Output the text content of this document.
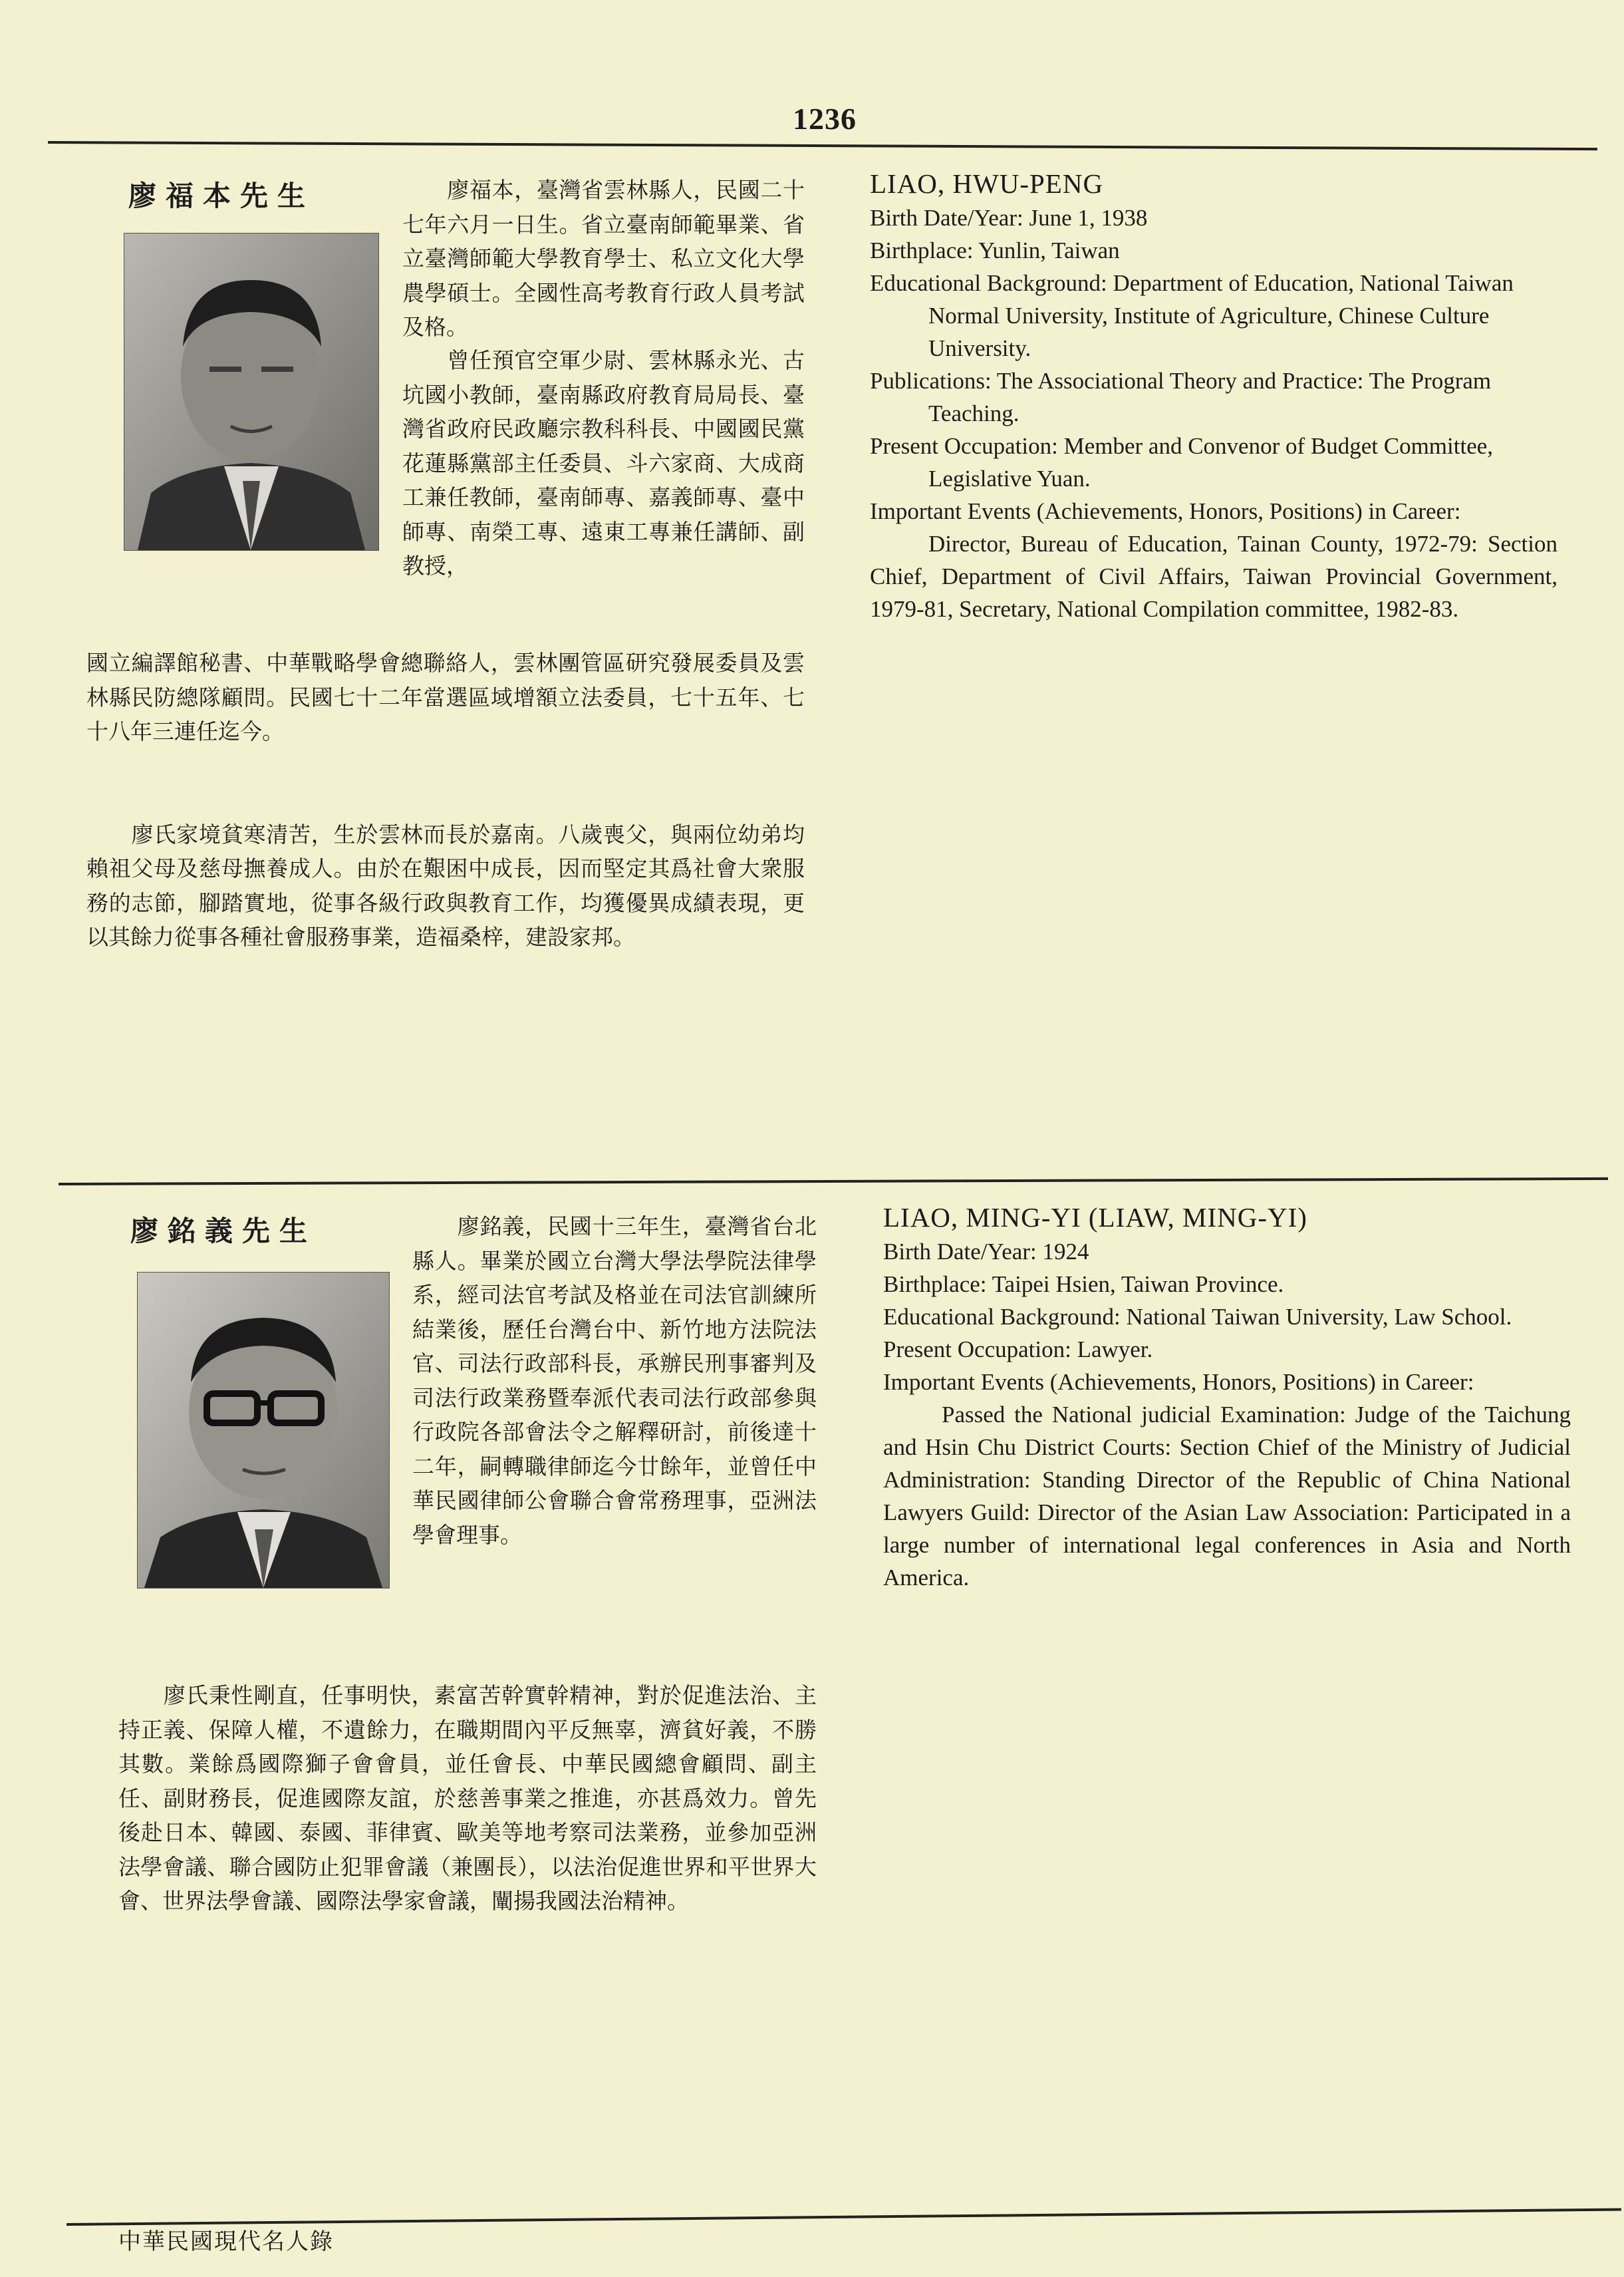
1236
廖福本先生	　　廖福本，臺灣省雲林縣人，民國二十七年六月一日生。省立臺南師範畢業、省立臺灣師範大學教育學士、私立文化大學農學碩士。全國性高考教育行政人員考試及格。
　　曾任預官空軍少尉、雲林縣永光、古坑國小教師，臺南縣政府教育局局長、臺灣省政府民政廳宗教科科長、中國國民黨花蓮縣黨部主任委員、斗六家商、大成商工兼任教師，臺南師專、嘉義師專、臺中師專、南榮工專、遠東工專兼任講師、副教授，

國立編譯館秘書、中華戰略學會總聯絡人，雲林團管區研究發展委員及雲林縣民防總隊顧問。民國七十二年當選區域增額立法委員，七十五年、七十八年三連任迄今。

　　廖氏家境貧寒清苦，生於雲林而長於嘉南。八歲喪父，與兩位幼弟均賴祖父母及慈母撫養成人。由於在艱困中成長，因而堅定其爲社會大衆服務的志節，腳踏實地，從事各級行政與教育工作，均獲優異成績表現，更以其餘力從事各種社會服務事業，造福桑梓，建設家邦。

LIAO, HWU-PENG

Birth Date/Year: June 1, 1938

Birthplace: Yunlin, Taiwan

Educational Background: Department of Education, National Taiwan Normal University, Institute of Agriculture, Chinese Culture University.

Publications: The Associational Theory and Practice: The Program Teaching.

Present Occupation: Member and Convenor of Budget Committee, Legislative Yuan.

Important Events (Achievements, Honors, Positions) in Career:

Director, Bureau of Education, Tainan County, 1972-79: Section Chief, Department of Civil Affairs, Taiwan Provincial Government, 1979-81, Secretary, National Compilation committee, 1982-83.

廖銘義先生	　　廖銘義，民國十三年生，臺灣省台北縣人。畢業於國立台灣大學法學院法律學系，經司法官考試及格並在司法官訓練所結業後，歷任台灣台中、新竹地方法院法官、司法行政部科長，承辦民刑事審判及司法行政業務暨奉派代表司法行政部參與行政院各部會法令之解釋研討，前後達十二年，嗣轉職律師迄今廿餘年，並曾任中華民國律師公會聯合會常務理事，亞洲法學會理事。

　　廖氏秉性剛直，任事明快，素富苦幹實幹精神，對於促進法治、主持正義、保障人權，不遺餘力，在職期間內平反無辜，濟貧好義，不勝其數。業餘爲國際獅子會會員，並任會長、中華民國總會顧問、副主任、副財務長，促進國際友誼，於慈善事業之推進，亦甚爲效力。曾先後赴日本、韓國、泰國、菲律賓、歐美等地考察司法業務，並參加亞洲法學會議、聯合國防止犯罪會議（兼團長），以法治促進世界和平世界大會、世界法學會議、國際法學家會議，闡揚我國法治精神。

LIAO, MING-YI (LIAW, MING-YI)

Birth Date/Year: 1924

Birthplace: Taipei Hsien, Taiwan Province.

Educational Background: National Taiwan University, Law School.

Present Occupation: Lawyer.

Important Events (Achievements, Honors, Positions) in Career:

Passed the National judicial Examination: Judge of the Taichung and Hsin Chu District Courts: Section Chief of the Ministry of Judicial Administration: Standing Director of the Republic of China National Lawyers Guild: Director of the Asian Law Association: Participated in a large number of international legal conferences in Asia and North America.

中華民國現代名人錄
